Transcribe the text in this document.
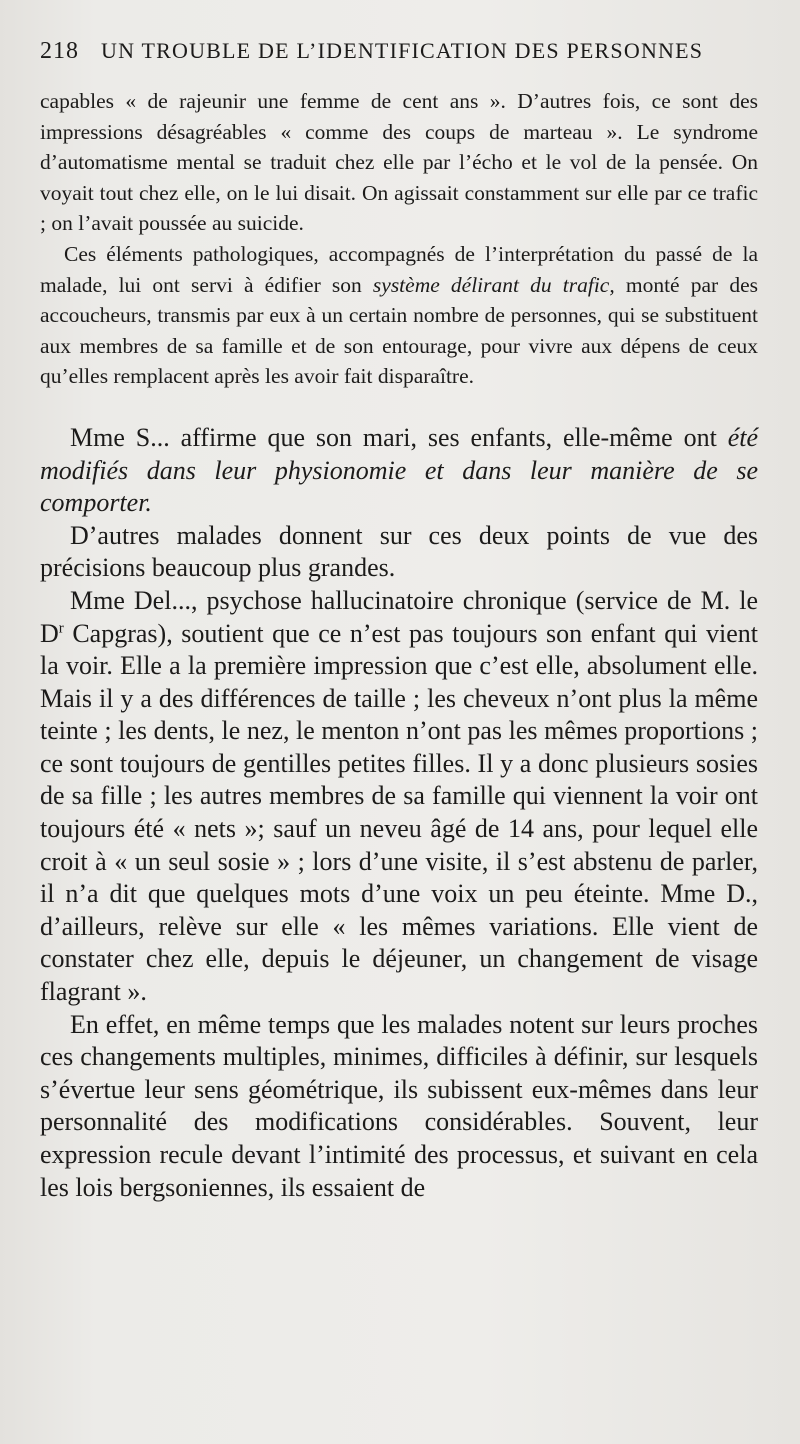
218 UN TROUBLE DE L’IDENTIFICATION DES PERSONNES

capables « de rajeunir une femme de cent ans ». D’autres fois, ce sont des impressions désagréables « comme des coups de marteau ». Le syndrome d’automatisme mental se traduit chez elle par l’écho et le vol de la pensée. On voyait tout chez elle, on le lui disait. On agissait constamment sur elle par ce trafic ; on l’avait poussée au suicide.

Ces éléments pathologiques, accompagnés de l’interprétation du passé de la malade, lui ont servi à édifier son système délirant du trafic, monté par des accoucheurs, transmis par eux à un certain nombre de personnes, qui se substituent aux membres de sa famille et de son entourage, pour vivre aux dépens de ceux qu’elles remplacent après les avoir fait disparaître.

Mme S... affirme que son mari, ses enfants, elle-même ont été modifiés dans leur physionomie et dans leur manière de se comporter.

D’autres malades donnent sur ces deux points de vue des précisions beaucoup plus grandes.

Mme Del..., psychose hallucinatoire chronique (service de M. le $D^r$ Capgras), soutient que ce n’est pas toujours son enfant qui vient la voir. Elle a la première impression que c’est elle, absolument elle. Mais il y a des différences de taille ; les cheveux n’ont plus la même teinte ; les dents, le nez, le menton n’ont pas les mêmes proportions ; ce sont toujours de gentilles petites filles. Il y a donc plusieurs sosies de sa fille ; les autres membres de sa famille qui viennent la voir ont toujours été « nets »; sauf un neveu âgé de 14 ans, pour lequel elle croit à « un seul sosie » ; lors d’une visite, il s’est abstenu de parler, il n’a dit que quelques mots d’une voix un peu éteinte. Mme D., d’ailleurs, relève sur elle « les mêmes variations. Elle vient de constater chez elle, depuis le déjeuner, un changement de visage flagrant ».

En effet, en même temps que les malades notent sur leurs proches ces changements multiples, minimes, difficiles à définir, sur lesquels s’évertue leur sens géométrique, ils subissent eux-mêmes dans leur personnalité des modifications considérables. Souvent, leur expression recule devant l’intimité des processus, et suivant en cela les lois bergsoniennes, ils essaient de
